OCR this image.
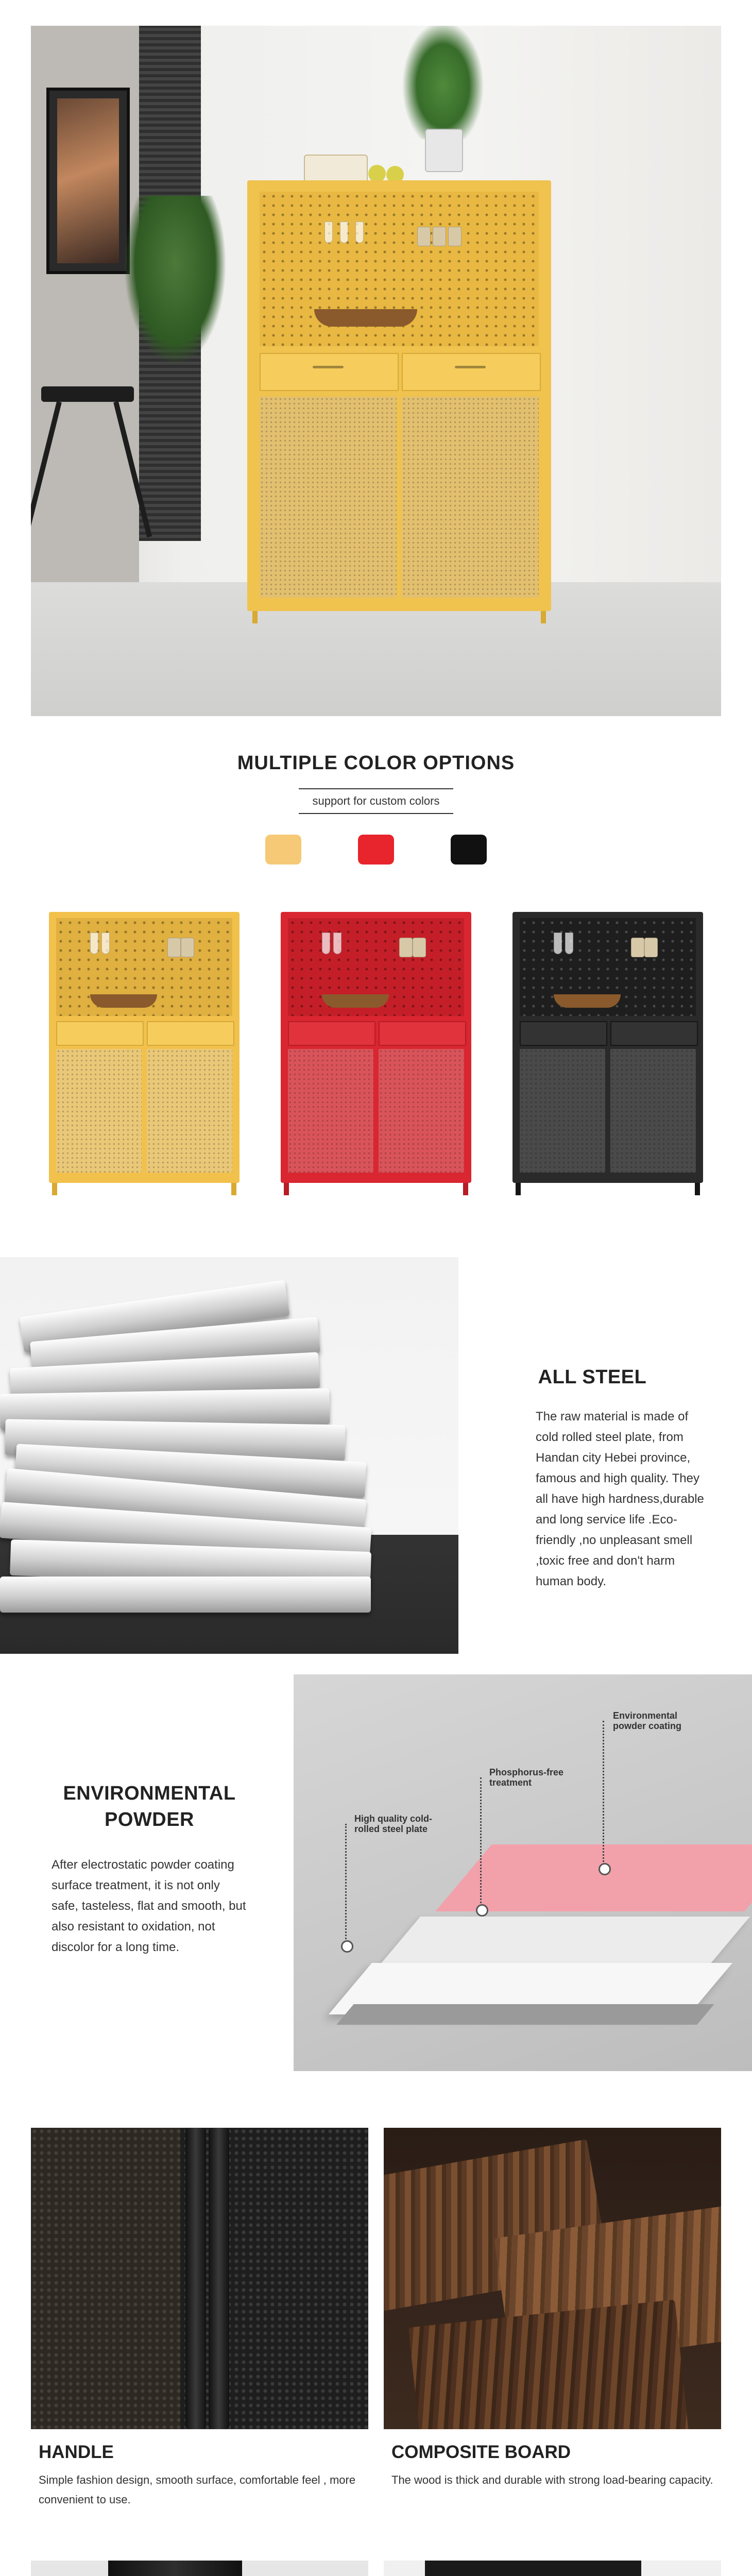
MULTIPLE COLOR OPTIONS
support for custom colors
ALL STEEL
The raw material is made of cold rolled steel plate, from Handan city Hebei province, famous and high quality. They all have high hardness,durable and long service life .Eco-friendly ,no unpleasant smell ,toxic free and don't harm human body.
ENVIRONMENTAL
POWDER
After electrostatic powder coating surface treatment, it is not only safe, tasteless, flat and smooth, but also resistant to oxidation, not discolor for a long time.
Environmental
powder coating
Phosphorus-free
treatment
High quality cold-
rolled steel plate
HANDLE
Simple fashion design, smooth surface, comfortable feel , more convenient to use.
COMPOSITE BOARD
The wood is thick and durable with strong load-bearing capacity.
